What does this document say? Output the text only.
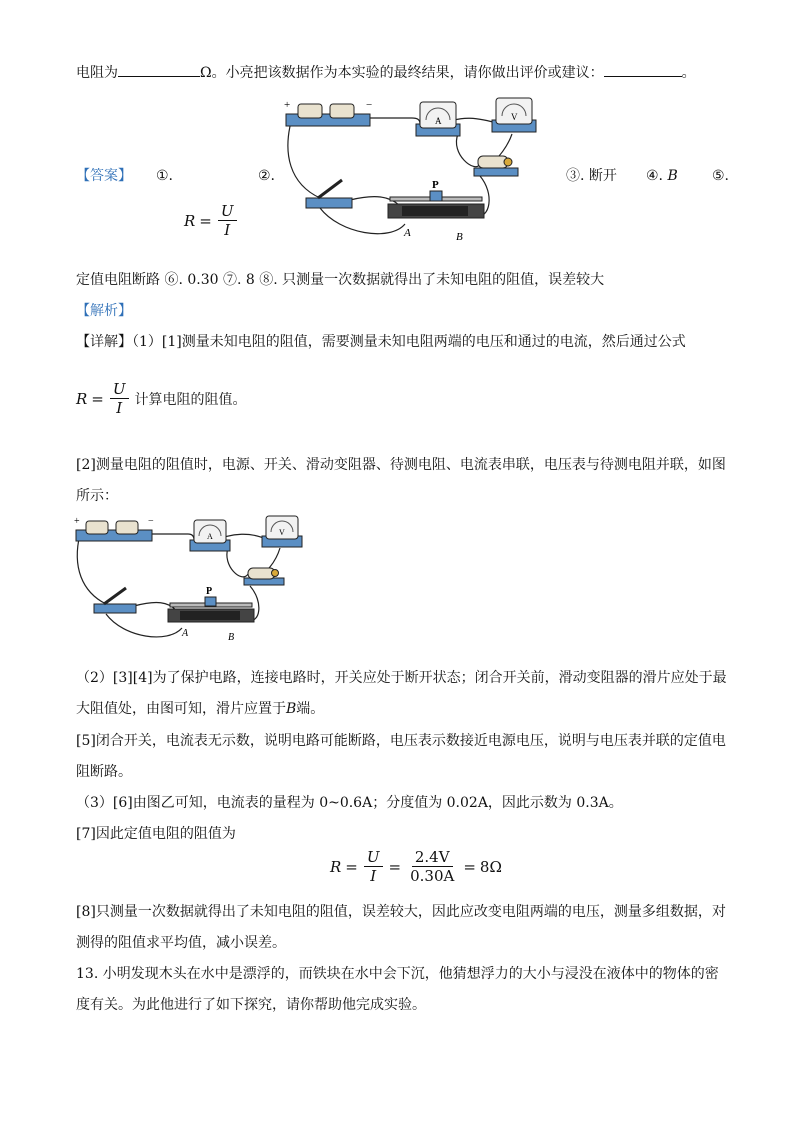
电阻为	Ω。小亮把该数据作为本实验的最终结果，请你做出评价或建议：	。
+	−
A	V
P
A	B
【答案】 ①.	②.	③. 断开 ④. B ⑤.
$R = \frac{U}{I}$
定值电阻断路 ⑥. 0.30 ⑦. 8 ⑧. 只测量一次数据就得出了未知电阻的阻值，误差较大
【解析】
【详解】（1）[1]测量未知电阻的阻值，需要测量未知电阻两端的电压和通过的电流，然后通过公式
$R = \frac{U}{I}$ 计算电阻的阻值。
[2]测量电阻的阻值时，电源、开关、滑动变阻器、待测电阻、电流表串联，电压表与待测电阻并联，如图
所示：
+	−
A	V
P
A	B
（2）[3][4]为了保护电路，连接电路时，开关应处于断开状态；闭合开关前，滑动变阻器的滑片应处于最
大阻值处，由图可知，滑片应置于B端。
[5]闭合开关，电流表无示数，说明电路可能断路，电压表示数接近电源电压，说明与电压表并联的定值电
阻断路。
（3）[6]由图乙可知，电流表的量程为 0~0.6A；分度值为 0.02A，因此示数为 0.3A。
[7]因此定值电阻的阻值为
$R = \frac{U}{I} = \frac{2.4V}{0.30A} = 8\Omega$
[8]只测量一次数据就得出了未知电阻的阻值，误差较大，因此应改变电阻两端的电压，测量多组数据，对
测得的阻值求平均值，减小误差。
13. 小明发现木头在水中是漂浮的，而铁块在水中会下沉，他猜想浮力的大小与浸没在液体中的物体的密
度有关。为此他进行了如下探究，请你帮助他完成实验。
